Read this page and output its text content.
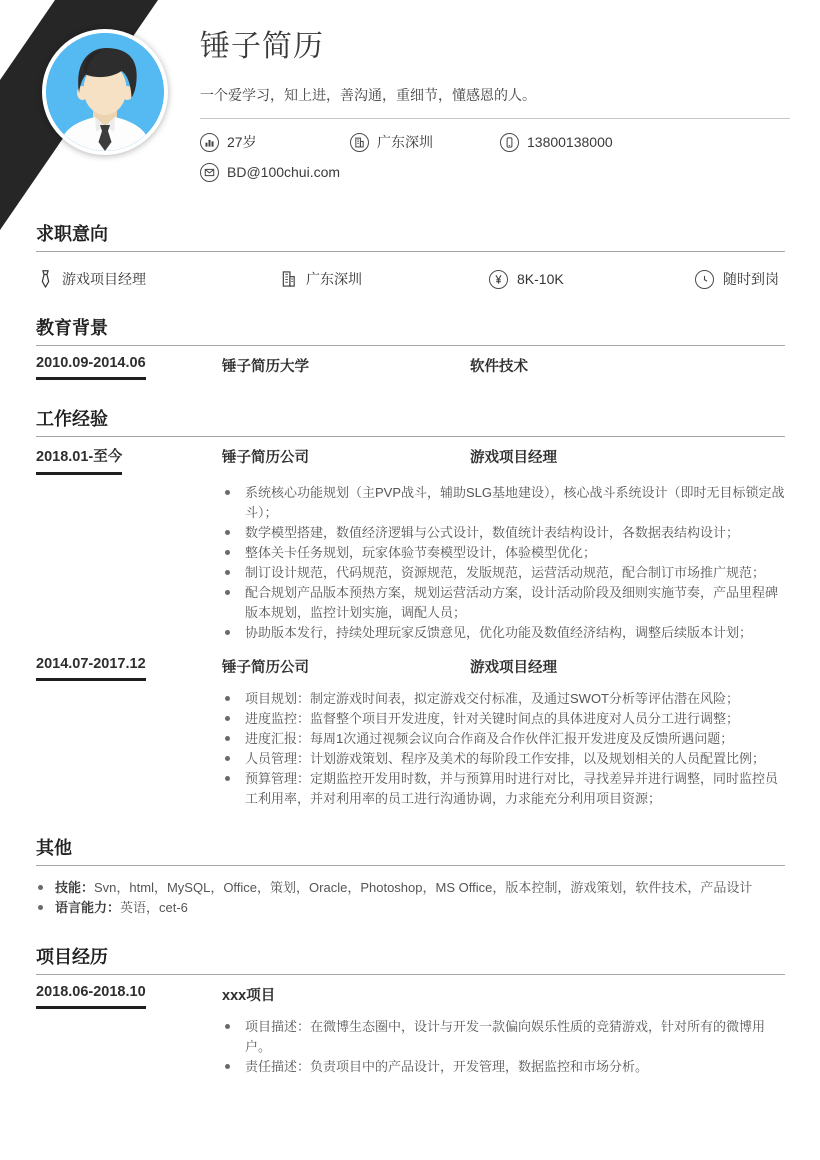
锤子简历
一个爱学习，知上进，善沟通，重细节，懂感恩的人。
27岁	广东深圳	13800138000
BD@100chui.com
求职意向
游戏项目经理	广东深圳	8K-10K	随时到岗
教育背景
2010.09-2014.06	锤子简历大学	软件技术
工作经验
2018.01-至今	锤子简历公司	游戏项目经理
系统核心功能规划（主PVP战斗，辅助SLG基地建设），核心战斗系统设计（即时无目标锁定战斗）；
数学模型搭建，数值经济逻辑与公式设计，数值统计表结构设计，各数据表结构设计；
整体关卡任务规划，玩家体验节奏模型设计，体验模型优化；
制订设计规范，代码规范，资源规范，发版规范，运营活动规范，配合制订市场推广规范；
配合规划产品版本预热方案，规划运营活动方案，设计活动阶段及细则实施节奏，产品里程碑版本规划，监控计划实施，调配人员；
协助版本发行，持续处理玩家反馈意见，优化功能及数值经济结构，调整后续版本计划；
2014.07-2017.12	锤子简历公司	游戏项目经理
项目规划：制定游戏时间表，拟定游戏交付标准，及通过SWOT分析等评估潜在风险；
进度监控：监督整个项目开发进度，针对关键时间点的具体进度对人员分工进行调整；
进度汇报：每周1次通过视频会议向合作商及合作伙伴汇报开发进度及反馈所遇问题；
人员管理：计划游戏策划、程序及美术的每阶段工作安排，以及规划相关的人员配置比例；
预算管理：定期监控开发用时数，并与预算用时进行对比，寻找差异并进行调整，同时监控员工利用率，并对利用率的员工进行沟通协调，力求能充分利用项目资源；
其他
技能：Svn，html，MySQL，Office，策划，Oracle，Photoshop，MS Office，版本控制，游戏策划，软件技术，产品设计
语言能力：英语，cet-6
项目经历
2018.06-2018.10	xxx项目
项目描述：在微博生态圈中，设计与开发一款偏向娱乐性质的竞猜游戏，针对所有的微博用户。
责任描述：负责项目中的产品设计，开发管理，数据监控和市场分析。
